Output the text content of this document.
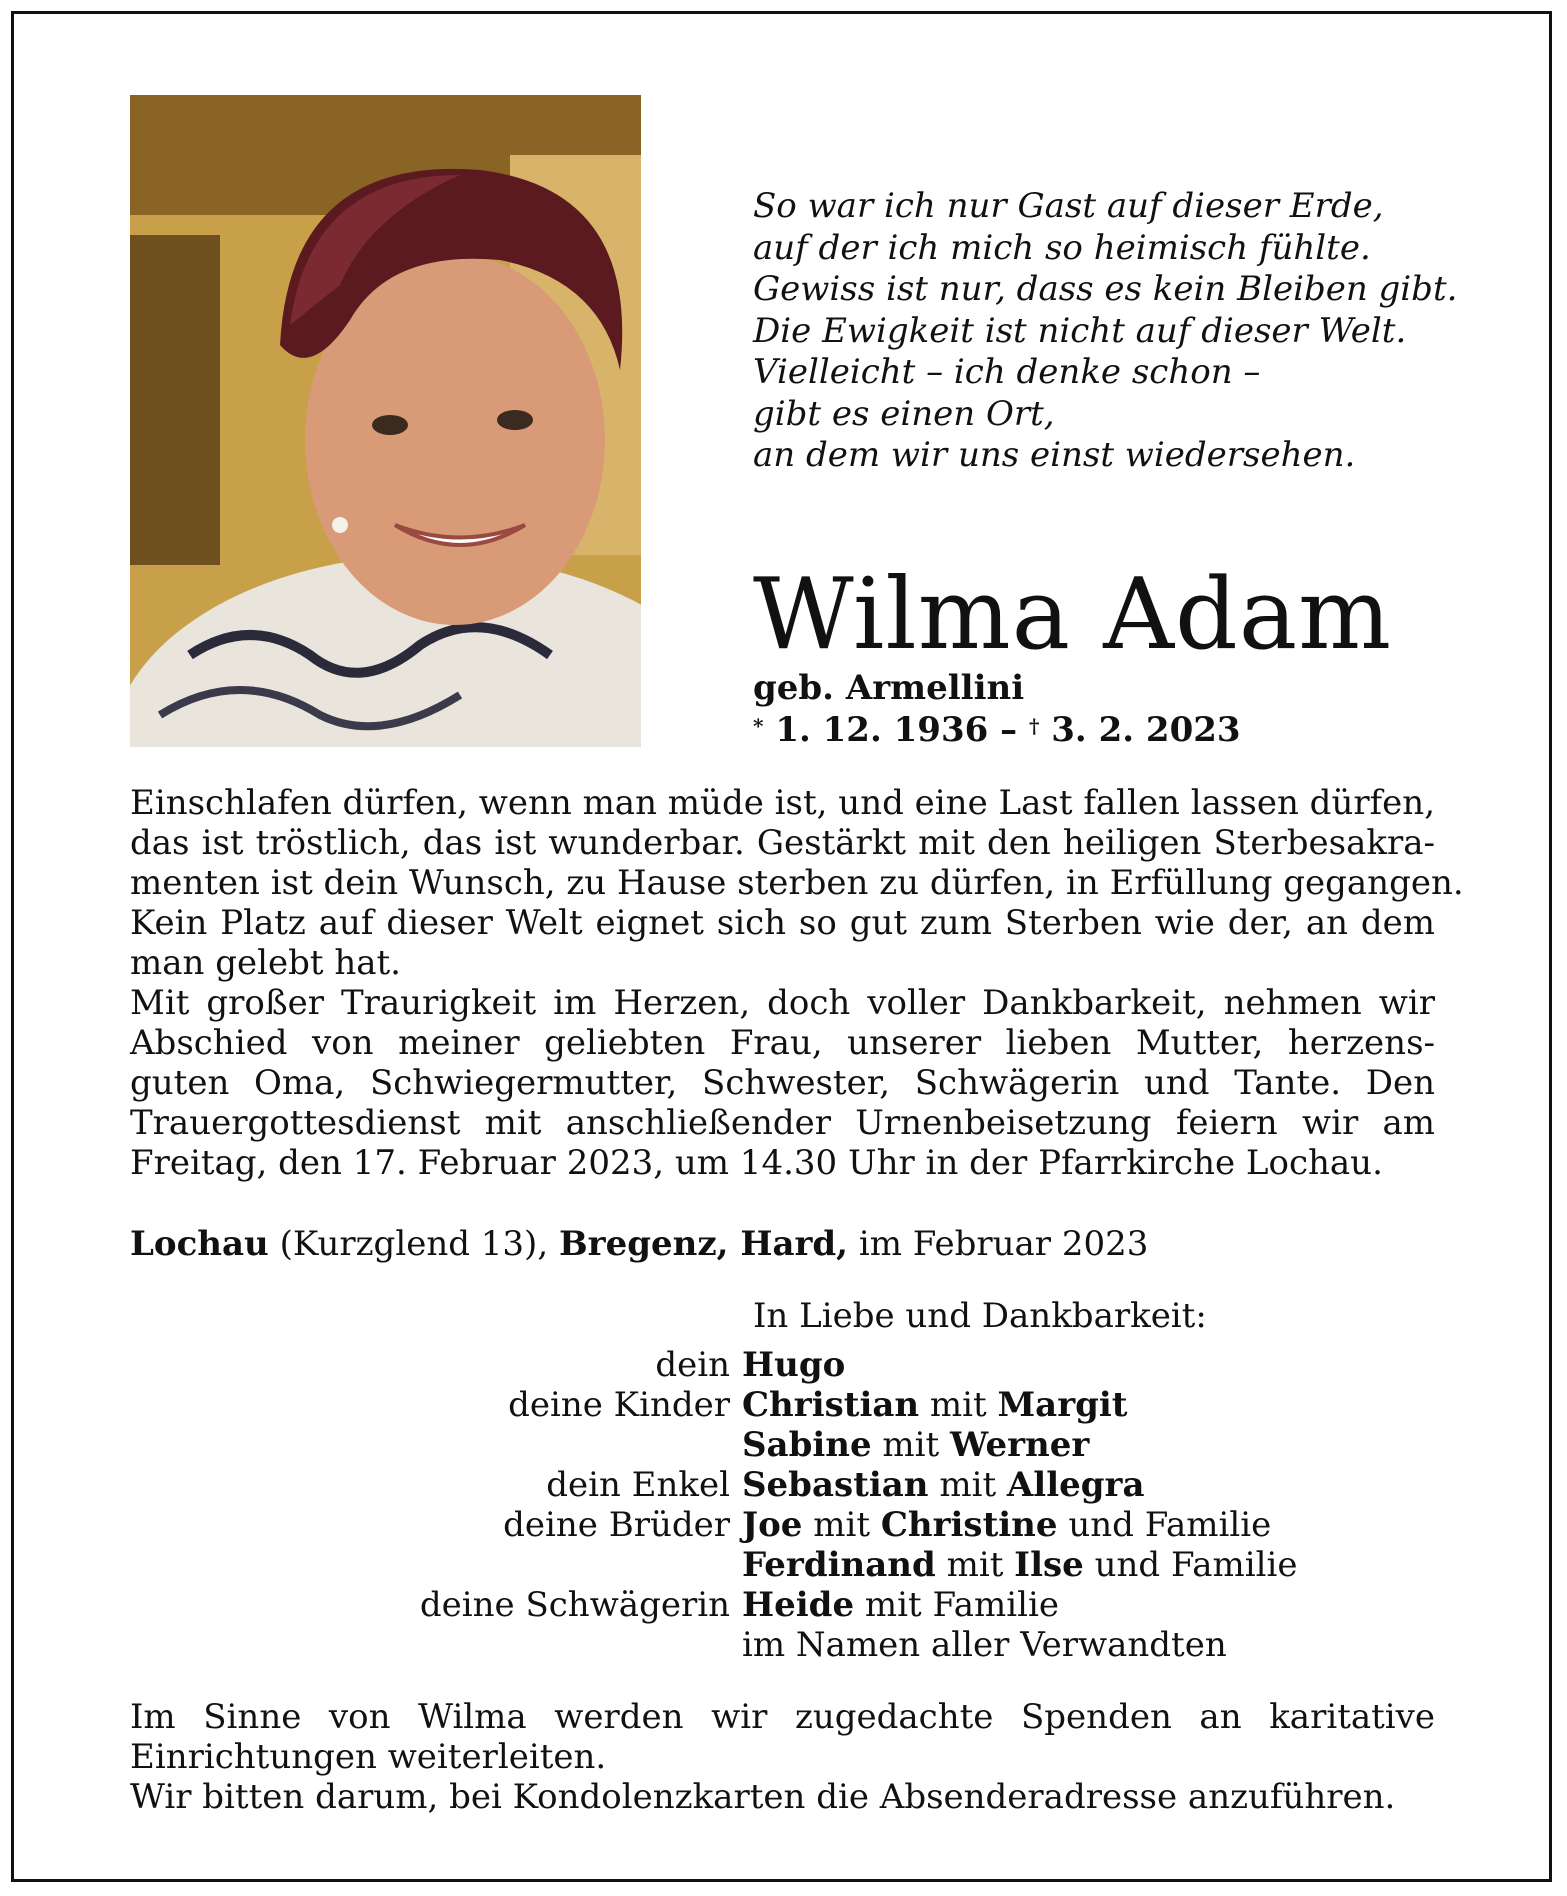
So war ich nur Gast auf dieser Erde,
auf der ich mich so heimisch fühlte.
Gewiss ist nur, dass es kein Bleiben gibt.
Die Ewigkeit ist nicht auf dieser Welt.
Vielleicht – ich denke schon –
gibt es einen Ort,
an dem wir uns einst wiedersehen.
Wilma Adam
geb. Armellini
* 1. 12. 1936 – † 3. 2. 2023
Einschlafen dürfen, wenn man müde ist, und eine Last fallen lassen dürfen,
das ist tröstlich, das ist wunderbar. Gestärkt mit den heiligen Sterbesakra-
menten ist dein Wunsch, zu Hause sterben zu dürfen, in Erfüllung gegangen.
Kein Platz auf dieser Welt eignet sich so gut zum Sterben wie der, an dem
man gelebt hat.
Mit großer Traurigkeit im Herzen, doch voller Dankbarkeit, nehmen wir
Abschied von meiner geliebten Frau, unserer lieben Mutter, herzens-
guten Oma, Schwiegermutter, Schwester, Schwägerin und Tante. Den
Trauergottesdienst mit anschließender Urnenbeisetzung feiern wir am
Freitag, den 17. Februar 2023, um 14.30 Uhr in der Pfarrkirche Lochau.
Lochau (Kurzglend 13), Bregenz, Hard, im Februar 2023
In Liebe und Dankbarkeit:
dein Hugo
deine Kinder Christian mit Margit
Sabine mit Werner
dein Enkel Sebastian mit Allegra
deine Brüder Joe mit Christine und Familie
Ferdinand mit Ilse und Familie
deine Schwägerin Heide mit Familie
im Namen aller Verwandten
Im Sinne von Wilma werden wir zugedachte Spenden an karitative
Einrichtungen weiterleiten.
Wir bitten darum, bei Kondolenzkarten die Absenderadresse anzuführen.
